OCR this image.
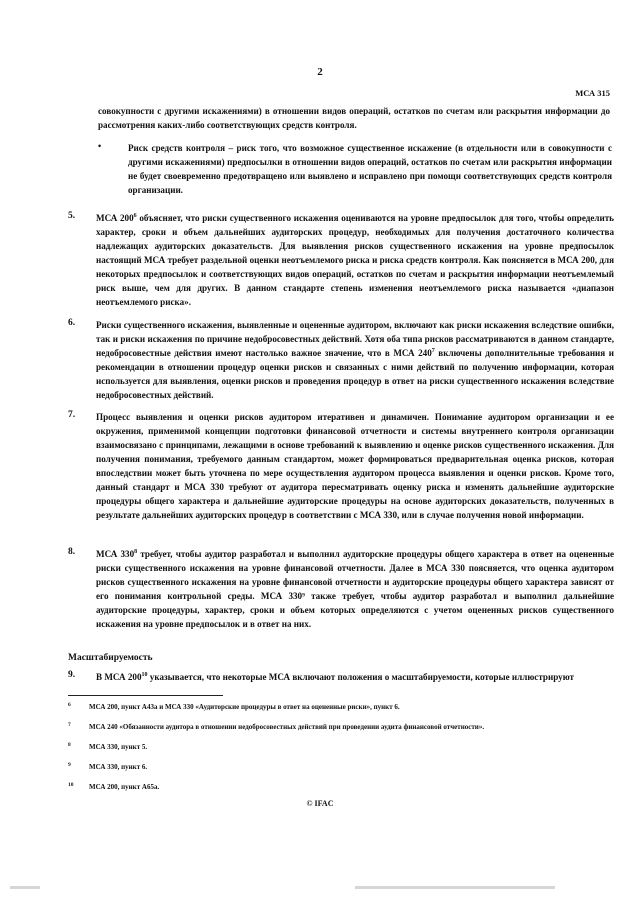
2
МСА 315
совокупности с другими искажениями) в отношении видов операций, остатков по счетам или раскрытия информации до рассмотрения каких-либо соответствующих средств контроля.
•	Риск средств контроля – риск того, что возможное существенное искажение (в отдельности или в совокупности с другими искажениями) предпосылки в отношении видов операций, остатков по счетам или раскрытия информации не будет своевременно предотвращено или выявлено и исправлено при помощи соответствующих средств контроля организации.
5. МСА $200^6$ объясняет, что риски существенного искажения оцениваются на уровне предпосылок для того, чтобы определить характер, сроки и объем дальнейших аудиторских процедур, необходимых для получения достаточного количества надлежащих аудиторских доказательств. Для выявления рисков существенного искажения на уровне предпосылок настоящий МСА требует раздельной оценки неотъемлемого риска и риска средств контроля. Как поясняется в МСА 200, для некоторых предпосылок и соответствующих видов операций, остатков по счетам и раскрытия информации неотъемлемый риск выше, чем для других. В данном стандарте степень изменения неотъемлемого риска называется «диапазон неотъемлемого риска».
6. Риски существенного искажения, выявленные и оцененные аудитором, включают как риски искажения вследствие ошибки, так и риски искажения по причине недобросовестных действий. Хотя оба типа рисков рассматриваются в данном стандарте, недобросовестные действия имеют настолько важное значение, что в МСА $240^7$ включены дополнительные требования и рекомендации в отношении процедур оценки рисков и связанных с ними действий по получению информации, которая используется для выявления, оценки рисков и проведения процедур в ответ на риски существенного искажения вследствие недобросовестных действий.
7. Процесс выявления и оценки рисков аудитором итеративен и динамичен. Понимание аудитором организации и ее окружения, применимой концепции подготовки финансовой отчетности и системы внутреннего контроля организации взаимосвязано с принципами, лежащими в основе требований к выявлению и оценке рисков существенного искажения. Для получения понимания, требуемого данным стандартом, может формироваться предварительная оценка рисков, которая впоследствии может быть уточнена по мере осуществления аудитором процесса выявления и оценки рисков. Кроме того, данный стандарт и МСА 330 требуют от аудитора пересматривать оценку риска и изменять дальнейшие аудиторские процедуры общего характера и дальнейшие аудиторские процедуры на основе аудиторских доказательств, полученных в результате дальнейших аудиторских процедур в соответствии с МСА 330, или в случае получения новой информации.
8. МСА $330^8$ требует, чтобы аудитор разработал и выполнил аудиторские процедуры общего характера в ответ на оцененные риски существенного искажения на уровне финансовой отчетности. Далее в МСА 330 поясняется, что оценка аудитором рисков существенного искажения на уровне финансовой отчетности и аудиторские процедуры общего характера зависят от его понимания контрольной среды. МСА 330⁹ также требует, чтобы аудитор разработал и выполнил дальнейшие аудиторские процедуры, характер, сроки и объем которых определяются с учетом оцененных рисков существенного искажения на уровне предпосылок и в ответ на них.
Масштабируемость
9. В МСА $200^{10}$ указывается, что некоторые МСА включают положения о масштабируемости, которые иллюстрируют
6	МСА 200, пункт А43а и МСА 330 «Аудиторские процедуры в ответ на оцененные риски», пункт 6.
7	МСА 240 «Обязанности аудитора в отношении недобросовестных действий при проведении аудита финансовой отчетности».
8	МСА 330, пункт 5.
9	МСА 330, пункт 6.
10 МСА 200, пункт А65а.
© IFAC
